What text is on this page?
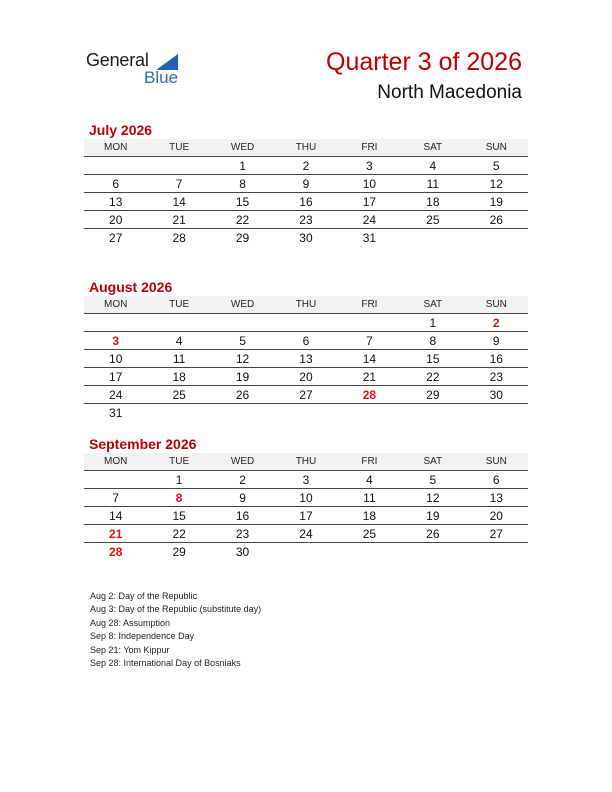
General
Blue
Quarter 3 of 2026
North Macedonia
July 2026
MON	TUE	WED	THU	FRI	SAT	SUN
		1	2	3	4	5
6	7	8	9	10	11	12
13	14	15	16	17	18	19
20	21	22	23	24	25	26
27	28	29	30	31		
August 2026
MON	TUE	WED	THU	FRI	SAT	SUN
					1	2
3	4	5	6	7	8	9
10	11	12	13	14	15	16
17	18	19	20	21	22	23
24	25	26	27	28	29	30
31						
September 2026
MON	TUE	WED	THU	FRI	SAT	SUN
	1	2	3	4	5	6
7	8	9	10	11	12	13
14	15	16	17	18	19	20
21	22	23	24	25	26	27
28	29	30				
Aug 2: Day of the Republic
Aug 3: Day of the Republic (substitute day)
Aug 28: Assumption
Sep 8: Independence Day
Sep 21: Yom Kippur
Sep 28: International Day of Bosniaks
